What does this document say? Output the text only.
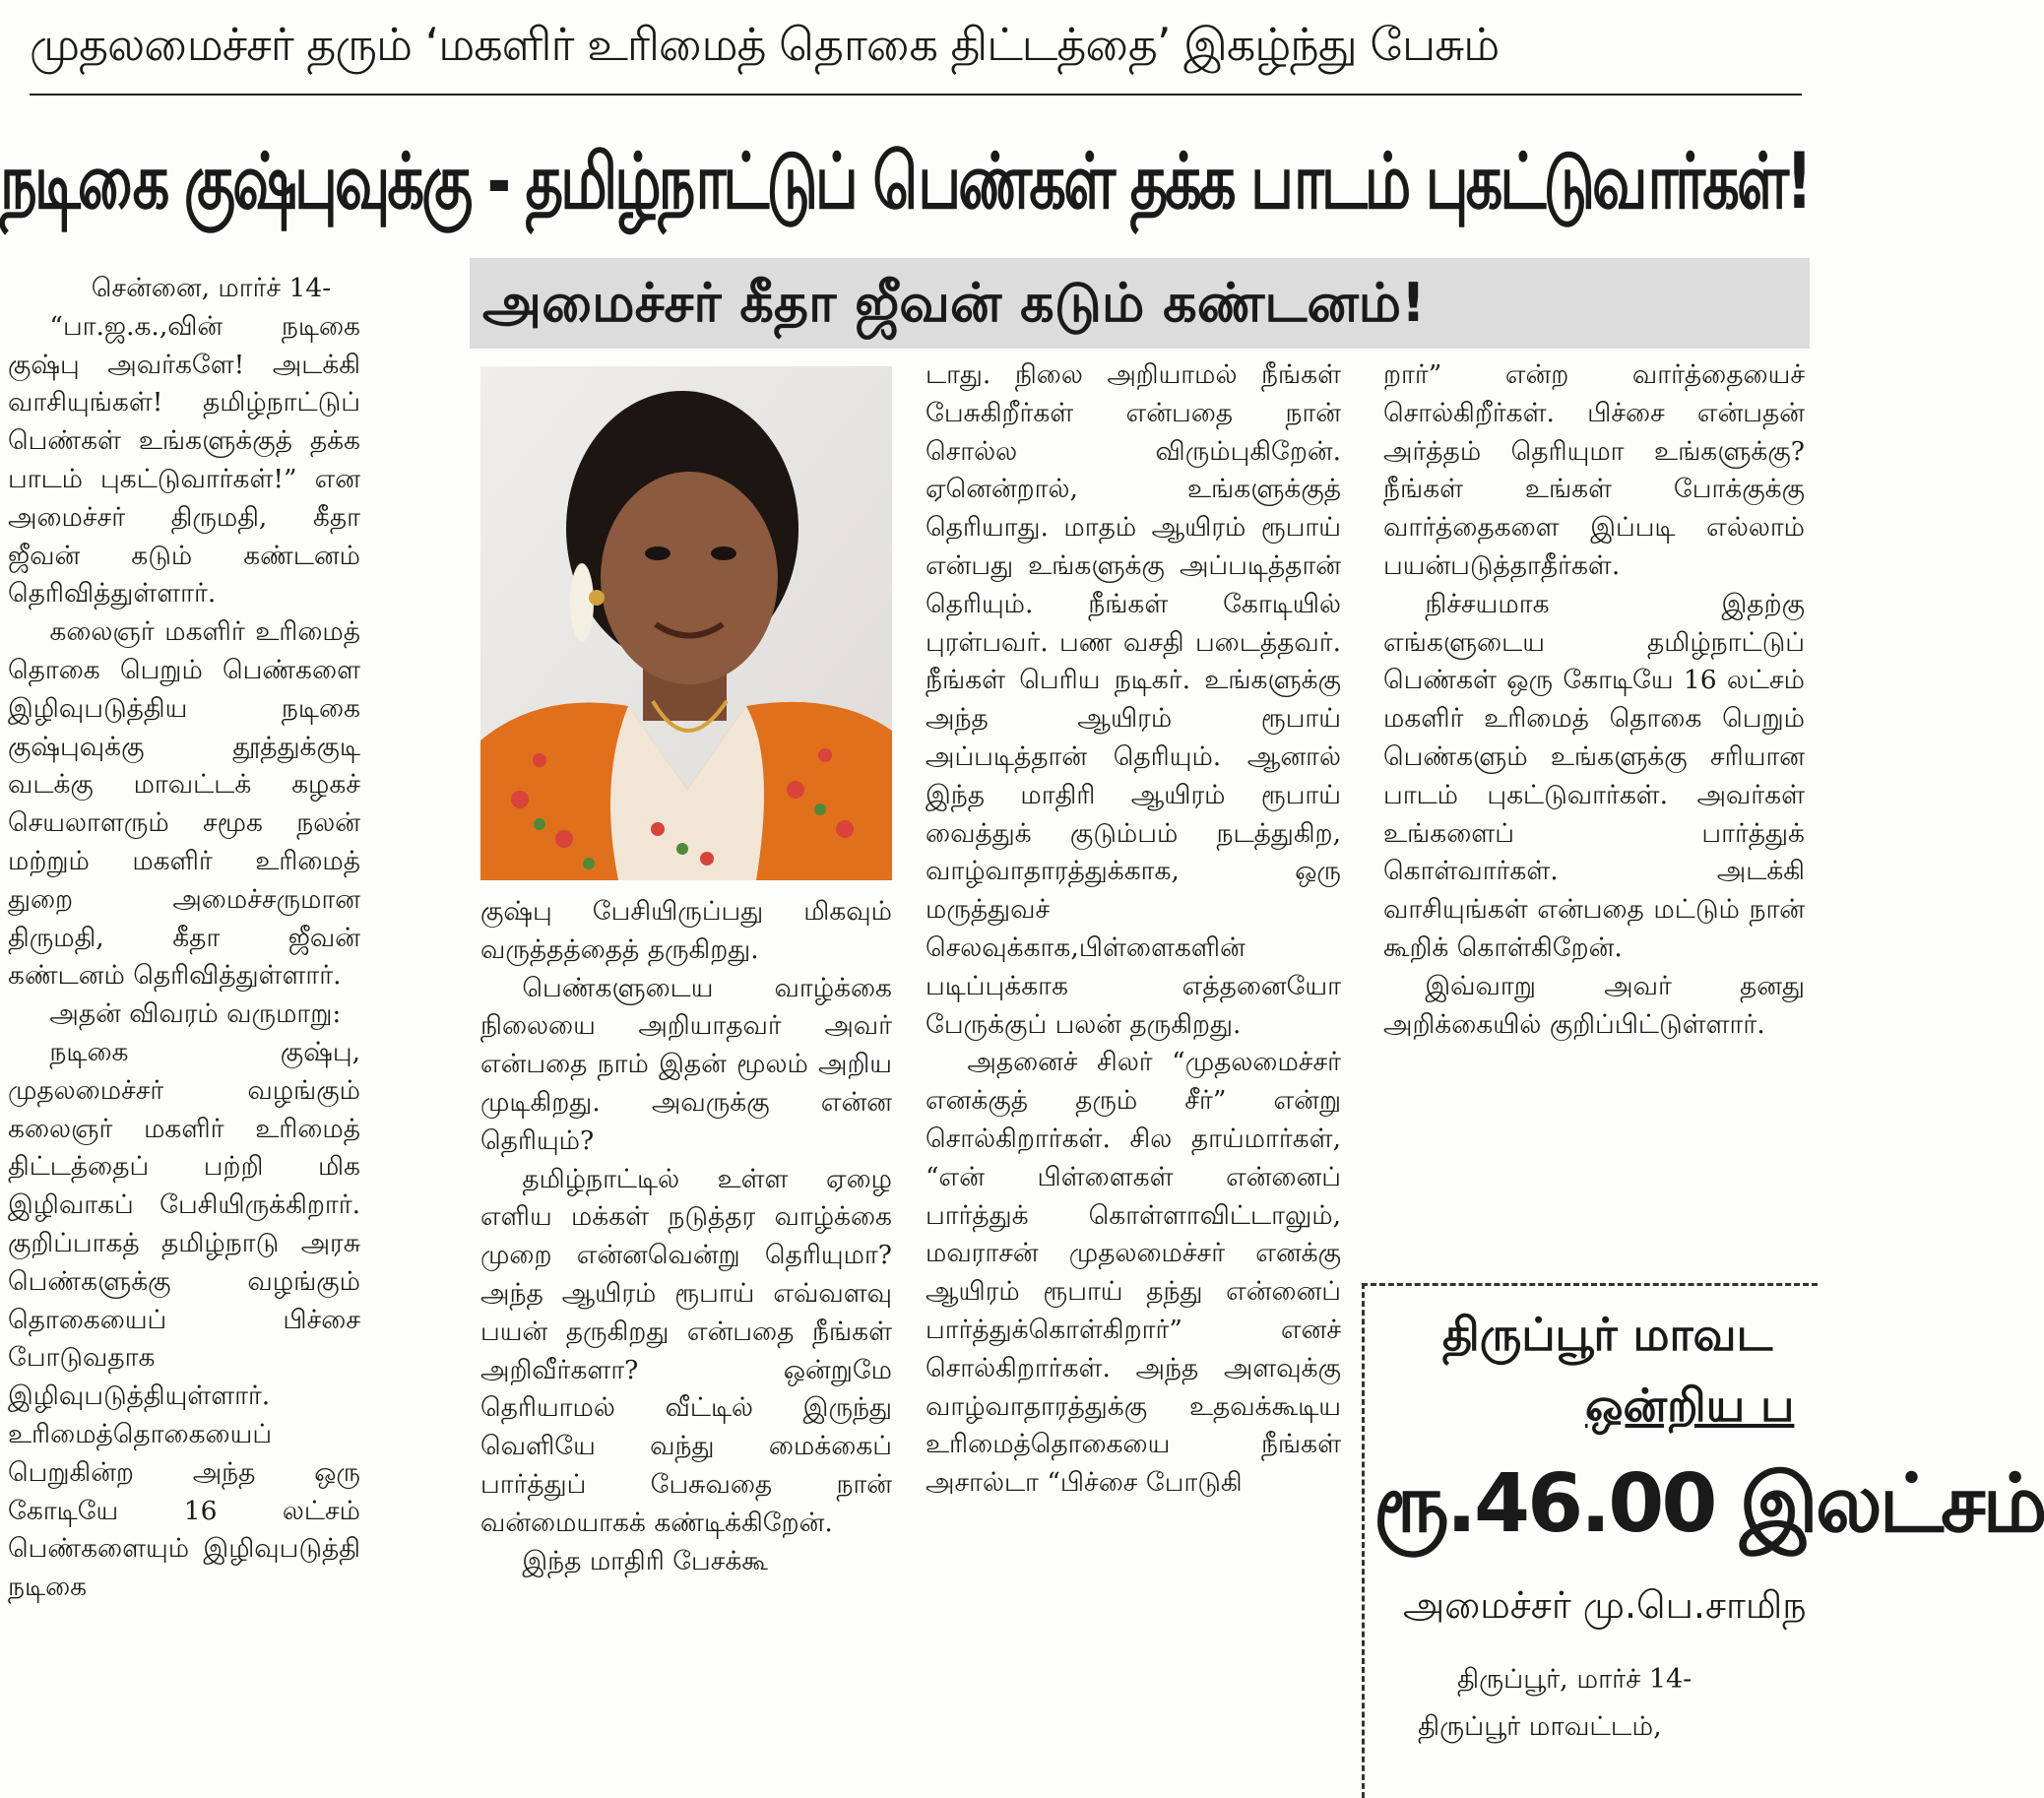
முதலமைச்சர் தரும் ‘மகளிர் உரிமைத் தொகை திட்டத்தை’ இகழ்ந்து பேசும்
நடிகை குஷ்புவுக்கு - தமிழ்நாட்டுப் பெண்கள் தக்க பாடம் புகட்டுவார்கள்!
அமைச்சர் கீதா ஜீவன் கடும் கண்டனம்!

சென்னை, மார்ச் 14-

“பா.ஜ.க.,வின் நடிகை குஷ்பு அவர்களே! அடக்கி வாசியுங்கள்! தமிழ்நாட்டுப் பெண்கள் உங்களுக்குத் தக்க பாடம் புகட்டுவார்கள்!” என அமைச்சர் திருமதி, கீதா ஜீவன் கடும் கண்டனம் தெரிவித்துள்ளார்.

கலைஞர் மகளிர் உரிமைத் தொகை பெறும் பெண்களை இழிவுபடுத்திய நடிகை குஷ்புவுக்கு தூத்துக்குடி வடக்கு மாவட்டக் கழகச் செயலாளரும் சமூக நலன் மற்றும் மகளிர் உரிமைத் துறை அமைச்சருமான திருமதி, கீதா ஜீவன் கண்டனம் தெரிவித்துள்ளார்.

அதன் விவரம் வருமாறு:

நடிகை குஷ்பு, முதலமைச்சர் வழங்கும் கலைஞர் மகளிர் உரிமைத் திட்டத்தைப் பற்றி மிக இழிவாகப் பேசியிருக்கிறார். குறிப்பாகத் தமிழ்நாடு அரசு பெண்களுக்கு வழங்கும் தொகையைப் பிச்சை போடுவதாக இழிவுபடுத்தியுள்ளார். உரிமைத்தொகையைப் பெறுகின்ற அந்த ஒரு கோடியே 16 லட்சம் பெண்களையும் இழிவுபடுத்தி நடிகை

குஷ்பு பேசியிருப்பது மிகவும் வருத்தத்தைத் தருகிறது.

பெண்களுடைய வாழ்க்கை நிலையை அறியாதவர் அவர் என்பதை நாம் இதன் மூலம் அறிய முடிகிறது. அவருக்கு என்ன தெரியும்?

தமிழ்நாட்டில் உள்ள ஏழை எளிய மக்கள் நடுத்தர வாழ்க்கை முறை என்னவென்று தெரியுமா? அந்த ஆயிரம் ரூபாய் எவ்வளவு பயன் தருகிறது என்பதை நீங்கள் அறிவீர்களா? ஒன்றுமே தெரியாமல் வீட்டில் இருந்து வெளியே வந்து மைக்கைப் பார்த்துப் பேசுவதை நான் வன்மையாகக் கண்டிக்கிறேன்.

இந்த மாதிரி பேசக்கூ

டாது. நிலை அறியாமல் நீங்கள் பேசுகிறீர்கள் என்பதை நான் சொல்ல விரும்புகிறேன். ஏனென்றால், உங்களுக்குத் தெரியாது. மாதம் ஆயிரம் ரூபாய் என்பது உங்களுக்கு அப்படித்தான் தெரியும். நீங்கள் கோடியில் புரள்பவர். பண வசதி படைத்தவர். நீங்கள் பெரிய நடிகர். உங்களுக்கு அந்த ஆயிரம் ரூபாய் அப்படித்தான் தெரியும். ஆனால் இந்த மாதிரி ஆயிரம் ரூபாய் வைத்துக் குடும்பம் நடத்துகிற, வாழ்வாதாரத்துக்காக, ஒரு மருத்துவச் செலவுக்காக,பிள்ளைகளின் படிப்புக்காக எத்தனையோ பேருக்குப் பலன் தருகிறது.

அதனைச் சிலர் “முதலமைச்சர் எனக்குத் தரும் சீர்” என்று சொல்கிறார்கள். சில தாய்மார்கள், “என் பிள்ளைகள் என்னைப் பார்த்துக் கொள்ளாவிட்டாலும், மவராசன் முதலமைச்சர் எனக்கு ஆயிரம் ரூபாய் தந்து என்னைப் பார்த்துக்கொள்கிறார்” எனச் சொல்கிறார்கள். அந்த அளவுக்கு வாழ்வாதாரத்துக்கு உதவக்கூடிய உரிமைத்தொகையை நீங்கள் அசால்டா “பிச்சை போடுகி

றார்” என்ற வார்த்தையைச் சொல்கிறீர்கள். பிச்சை என்பதன் அர்த்தம் தெரியுமா உங்களுக்கு? நீங்கள் உங்கள் போக்குக்கு வார்த்தைகளை இப்படி எல்லாம் பயன்படுத்தாதீர்கள்.

நிச்சயமாக இதற்கு எங்களுடைய தமிழ்நாட்டுப் பெண்கள் ஒரு கோடியே 16 லட்சம் மகளிர் உரிமைத் தொகை பெறும் பெண்களும் உங்களுக்கு சரியான பாடம் புகட்டுவார்கள். அவர்கள் உங்களைப் பார்த்துக் கொள்வார்கள். அடக்கி வாசியுங்கள் என்பதை மட்டும் நான் கூறிக் கொள்கிறேன்.

இவ்வாறு அவர் தனது அறிக்கையில் குறிப்பிட்டுள்ளார்.

திருப்பூர் மாவட
ஒன்றிய ப
ரூ.46.00 இலட்சம்
அமைச்சர் மு.பெ.சாமிந
திருப்பூர், மார்ச் 14-
திருப்பூர் மாவட்டம்,
